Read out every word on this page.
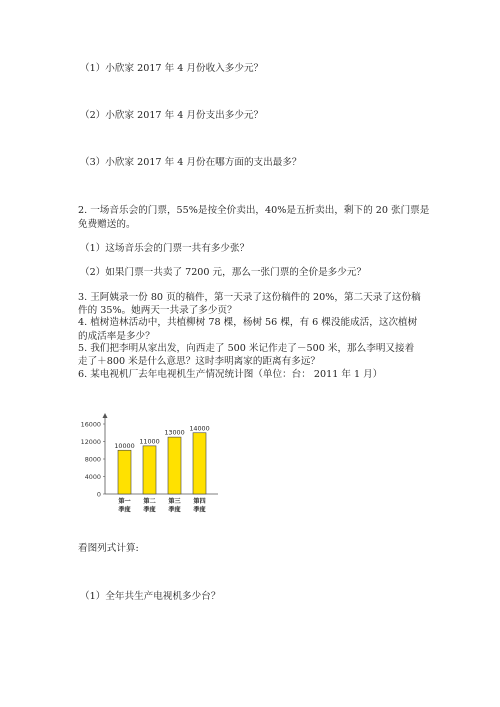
（1）小欣家 2017 年 4 月份收入多少元？
（2）小欣家 2017 年 4 月份支出多少元？
（3）小欣家 2017 年 4 月份在哪方面的支出最多？
2. 一场音乐会的门票，55%是按全价卖出，40%是五折卖出，剩下的 20 张门票是
免费赠送的。
（1）这场音乐会的门票一共有多少张？
（2）如果门票一共卖了 7200 元，那么一张门票的全价是多少元？
3. 王阿姨录一份 80 页的稿件，第一天录了这份稿件的 20%，第二天录了这份稿
件的 35%。她两天一共录了多少页？
4. 植树造林活动中，共植柳树 78 棵，杨树 56 棵，有 6 棵没能成活，这次植树
的成活率是多少？
5. 我们把李明从家出发，向西走了 500 米记作走了－500 米，那么李明又接着
走了＋800 米是什么意思？这时李明离家的距离有多远？
6. 某电视机厂去年电视机生产情况统计图（单位：台： 2011 年 1 月）
0
4000
8000
12000
16000
10000
第一
季度
11000
第二
季度
13000
第三
季度
14000
第四
季度
看图列式计算:
（1）全年共生产电视机多少台？
